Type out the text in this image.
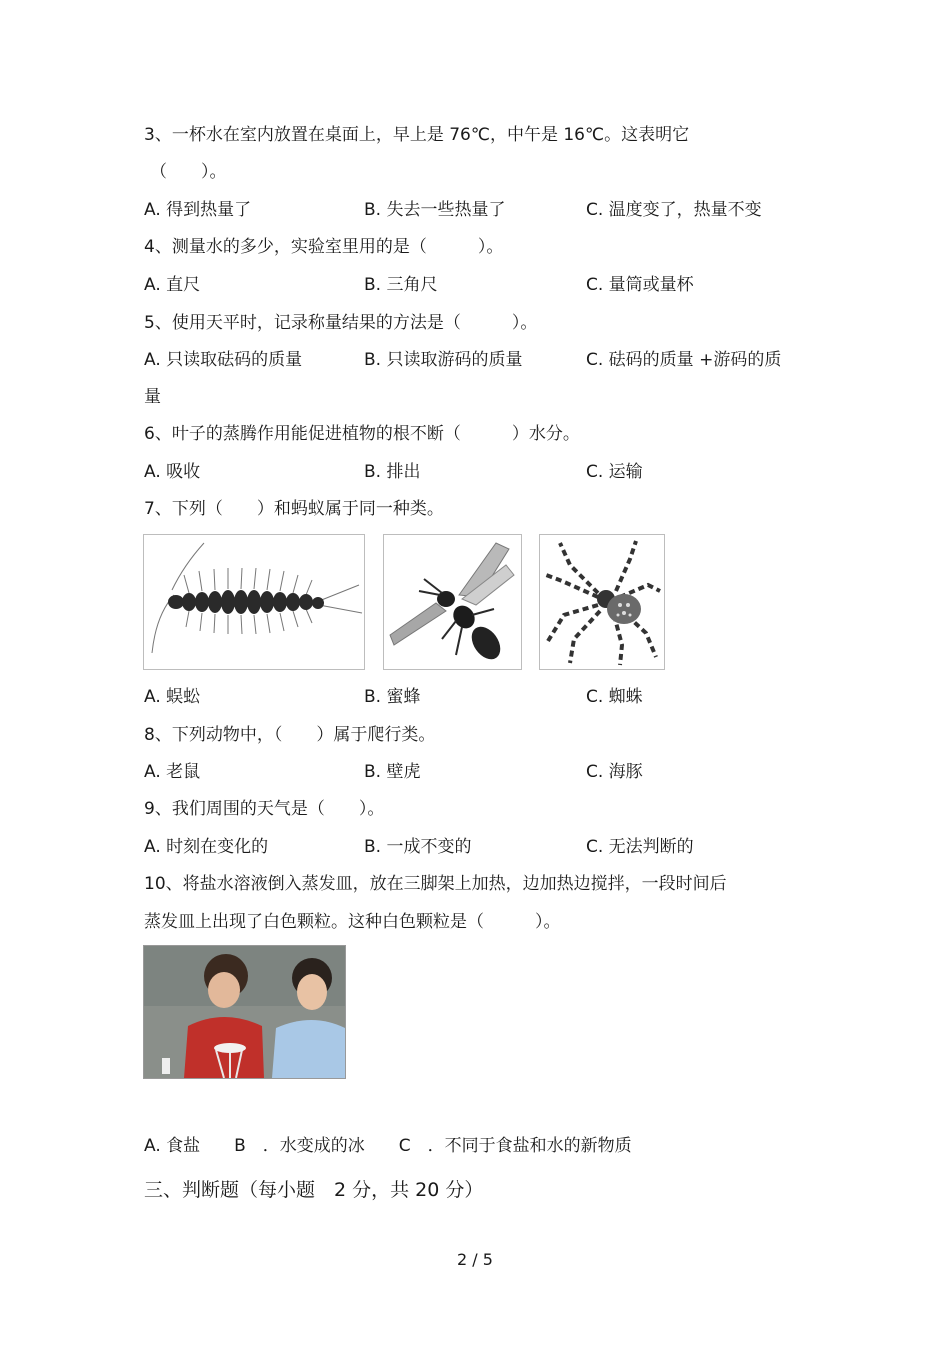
3、一杯水在室内放置在桌面上，早上是 76℃，中午是 16℃。这表明它
（　　）。
A. 得到热量了	B. 失去一些热量了	C. 温度变了，热量不变
4、测量水的多少，实验室里用的是（　　　）。
A. 直尺	B. 三角尺	C. 量筒或量杯
5、使用天平时，记录称量结果的方法是（　　　）。
A. 只读取砝码的质量	B. 只读取游码的质量	C. 砝码的质量 +游码的质
量
6、叶子的蒸腾作用能促进植物的根不断（　　　）水分。
A. 吸收	B. 排出	C. 运输
7、下列（　　）和蚂蚁属于同一种类。
A. 蜈蚣	B. 蜜蜂	C. 蜘蛛
8、下列动物中，（　　）属于爬行类。
A. 老鼠	B. 壁虎	C. 海豚
9、我们周围的天气是（　　）。
A. 时刻在变化的	B. 一成不变的	C. 无法判断的
10、将盐水溶液倒入蒸发皿，放在三脚架上加热，边加热边搅拌，一段时间后
蒸发皿上出现了白色颗粒。这种白色颗粒是（　　　）。
A. 食盐　　B　．水变成的冰　　C　．不同于食盐和水的新物质
三、判断题（每小题　2 分，共 20 分）
2 / 5
